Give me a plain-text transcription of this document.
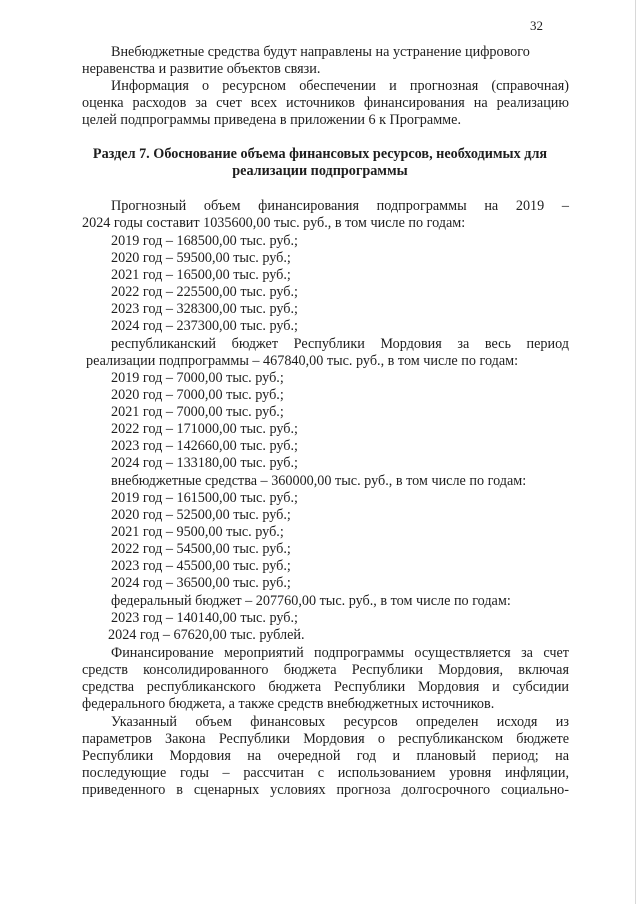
32
Внебюджетные средства будут направлены на устранение цифрового
неравенства и развитие объектов связи.
Информация о ресурсном обеспечении и прогнозная (справочная)
оценка расходов за счет всех источников финансирования на реализацию
целей подпрограммы приведена в приложении 6 к Программе.
Раздел 7. Обоснование объема финансовых ресурсов, необходимых для
реализации подпрограммы
Прогнозный объем финансирования подпрограммы на 2019 –
2024 годы составит 1035600,00 тыс. руб., в том числе по годам:
2019 год – 168500,00 тыс. руб.;
2020 год – 59500,00 тыс. руб.;
2021 год – 16500,00 тыс. руб.;
2022 год – 225500,00 тыс. руб.;
2023 год – 328300,00 тыс. руб.;
2024 год – 237300,00 тыс. руб.;
республиканский бюджет Республики Мордовия за весь период
реализации подпрограммы – 467840,00 тыс. руб., в том числе по годам:
2019 год – 7000,00 тыс. руб.;
2020 год – 7000,00 тыс. руб.;
2021 год – 7000,00 тыс. руб.;
2022 год – 171000,00 тыс. руб.;
2023 год – 142660,00 тыс. руб.;
2024 год – 133180,00 тыс. руб.;
внебюджетные средства – 360000,00 тыс. руб., в том числе по годам:
2019 год – 161500,00 тыс. руб.;
2020 год – 52500,00 тыс. руб.;
2021 год – 9500,00 тыс. руб.;
2022 год – 54500,00 тыс. руб.;
2023 год – 45500,00 тыс. руб.;
2024 год – 36500,00 тыс. руб.;
федеральный бюджет – 207760,00 тыс. руб., в том числе по годам:
2023 год – 140140,00 тыс. руб.;
2024 год – 67620,00 тыс. рублей.
Финансирование мероприятий подпрограммы осуществляется за счет
средств консолидированного бюджета Республики Мордовия, включая
средства республиканского бюджета Республики Мордовия и субсидии
федерального бюджета, а также средств внебюджетных источников.
Указанный объем финансовых ресурсов определен исходя из
параметров Закона Республики Мордовия о республиканском бюджете
Республики Мордовия на очередной год и плановый период; на
последующие годы – рассчитан с использованием уровня инфляции,
приведенного в сценарных условиях прогноза долгосрочного социально-
